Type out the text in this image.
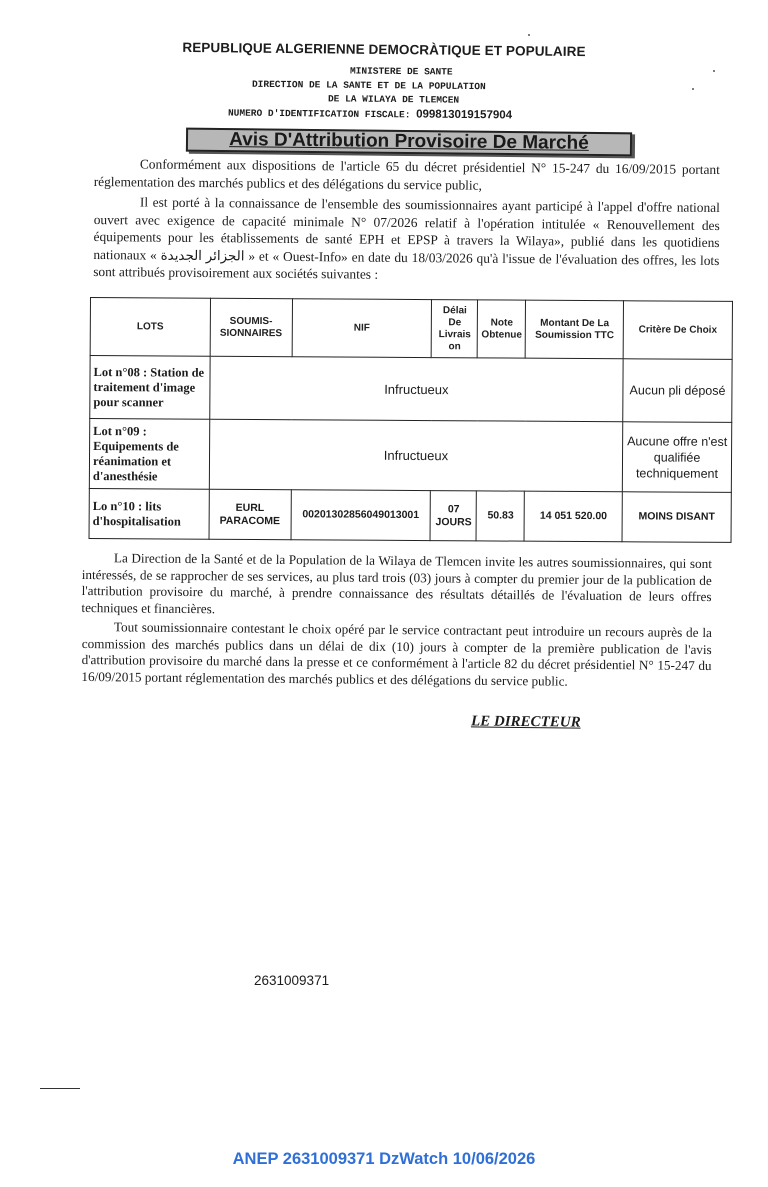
REPUBLIQUE ALGERIENNE DEMOCRÀTIQUE ET POPULAIRE
MINISTERE DE SANTE
DIRECTION DE LA SANTE ET DE LA POPULATION
DE LA WILAYA DE TLEMCEN
NUMERO D'IDENTIFICATION FISCALE: 099813019157904
Avis D'Attribution Provisoire De Marché
Conformément aux dispositions de l'article 65 du décret présidentiel N° 15-247 du 16/09/2015 portant réglementation des marchés publics et des délégations du service public,
Il est porté à la connaissance de l'ensemble des soumissionnaires ayant participé à l'appel d'offre national ouvert avec exigence de capacité minimale N° 07/2026 relatif à l'opération intitulée « Renouvellement des équipements pour les établissements de santé EPH et EPSP à travers la Wilaya», publié dans les quotidiens nationaux « الجزائر الجديدة » et « Ouest-Info» en date du 18/03/2026 qu'à l'issue de l'évaluation des offres, les lots sont attribués provisoirement aux sociétés suivantes :
LOTS	SOUMIS-SIONNAIRES	NIF	Délai De Livrais on	Note Obtenue	Montant De La Soumission TTC	Critère De Choix
Lot n°08 : Station de traitement d'image pour scanner	Infructueux					Aucun pli déposé
Lot n°09 : Equipements de réanimation et d'anesthésie	Infructueux					Aucune offre n'est qualifiée techniquement
Lo n°10 : lits d'hospitalisation	EURL PARACOME	00201302856049013001	07 JOURS	50.83	14 051 520.00	MOINS DISANT
La Direction de la Santé et de la Population de la Wilaya de Tlemcen invite les autres soumissionnaires, qui sont intéressés, de se rapprocher de ses services, au plus tard trois (03) jours à compter du premier jour de la publication de l'attribution provisoire du marché, à prendre connaissance des résultats détaillés de l'évaluation de leurs offres techniques et financières.
Tout soumissionnaire contestant le choix opéré par le service contractant peut introduire un recours auprès de la commission des marchés publics dans un délai de dix (10) jours à compter de la première publication de l'avis d'attribution provisoire du marché dans la presse et ce conformément à l'article 82 du décret présidentiel N° 15-247 du 16/09/2015 portant réglementation des marchés publics et des délégations du service public.
LE DIRECTEUR
2631009371
ANEP 2631009371 DzWatch 10/06/2026
